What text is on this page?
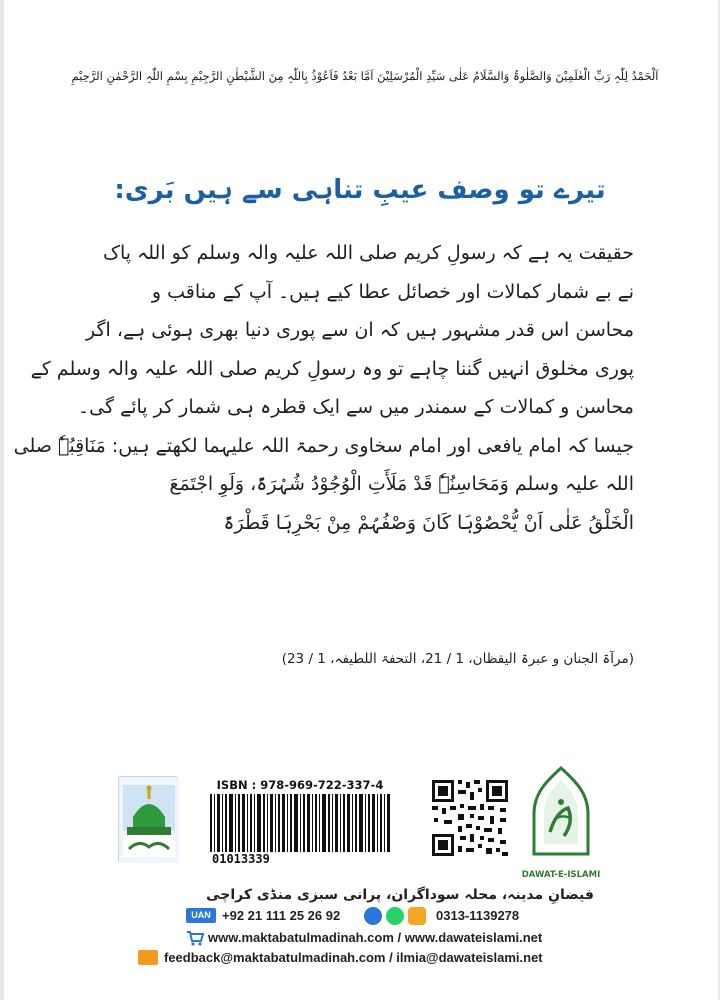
اَلْحَمْدُ لِلّٰہِ رَبِّ الْعٰلَمِیْنَ وَالصَّلٰوۃُ وَالسَّلَامُ عَلٰی سَیِّدِ الْمُرْسَلِیْنَ اَمَّا بَعْدُ فَاَعُوْذُ بِاللّٰہِ مِنَ الشَّیْطٰنِ الرَّجِیْمِ بِسْمِ اللّٰہِ الرَّحْمٰنِ الرَّحِیْمِ
تیرے تو وصف عیبِ تناہی سے ہیں بَری:
حقیقت یہ ہے کہ رسولِ کریم صلی اللہ علیہ والہ وسلم کو اللہ پاک
نے بے شمار کمالات اور خصائل عطا کیے ہیں۔ آپ کے مناقب و
محاسن اس قدر مشہور ہیں کہ ان سے پوری دنیا بھری ہوئی ہے، اگر
پوری مخلوق انہیں گننا چاہے تو وہ رسولِ کریم صلی اللہ علیہ والہ وسلم کے
محاسن و کمالات کے سمندر میں سے ایک قطرہ ہی شمار کر پائے گی۔
جیسا کہ امام یافعی اور امام سخاوی رحمۃ اللہ علیہما لکھتے ہیں: مَنَاقِبُہٗ صلی
اللہ علیہ وسلم وَمَحَاسِنُہٗ قَدْ مَلَأَتِ الْوُجُوْدُ شُہْرَۃً، وَلَوِ اجْتَمَعَ
الْخَلْقُ عَلٰی اَنْ یُّحْصُوْہَا کَانَ وَصْفُہُمْ مِنْ بَحْرِہَا قَطْرَۃً
(مرآۃ الجنان و عبرۃ الیقظان، 1 / 21، التحفۃ اللطیفہ، 1 / 23)
ISBN : 978-969-722-337-4
01013339
DAWAT-E-ISLAMI
فیضانِ مدینہ، محلہ سوداگران، پرانی سبزی منڈی کراچی
UAN +92 21 111 25 26 92	0313-1139278
www.maktabatulmadinah.com / www.dawateislami.net
feedback@maktabatulmadinah.com / ilmia@dawateislami.net
